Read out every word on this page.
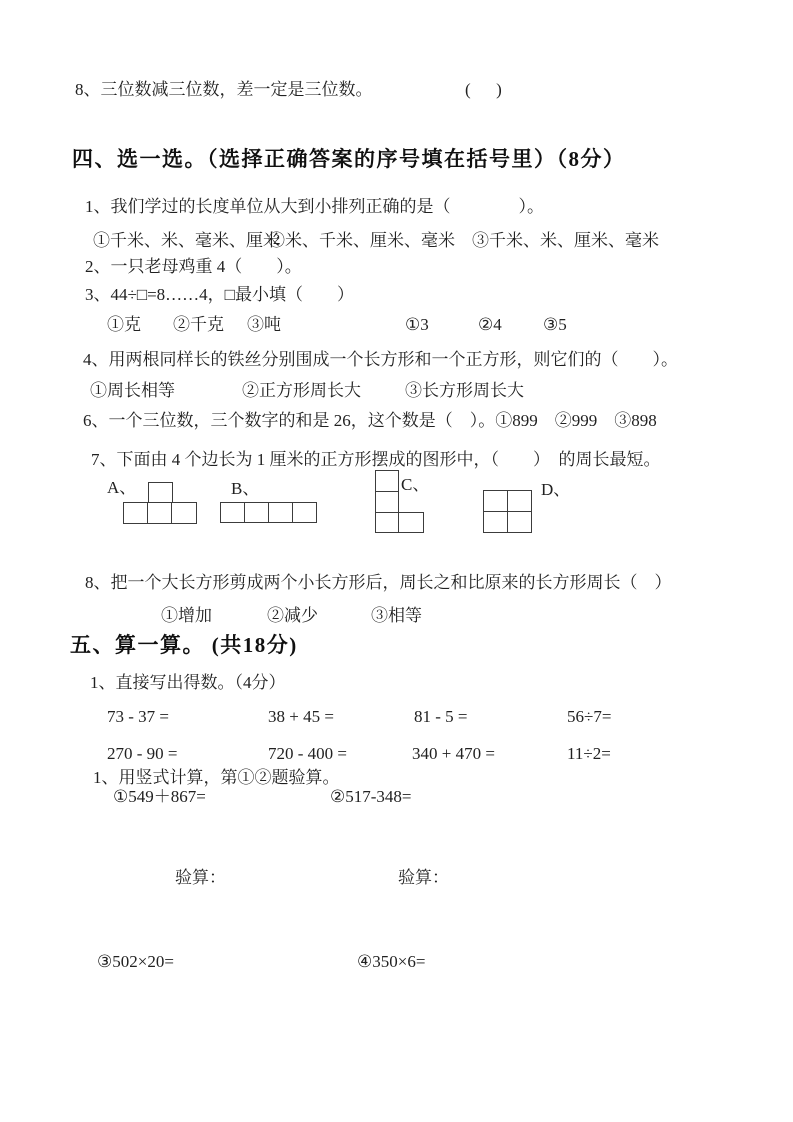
8、三位数减三位数，差一定是三位数。	(      )
四、选一选。（选择正确答案的序号填在括号里）（8分）
1、我们学过的长度单位从大到小排列正确的是（　　　　）。
①千米、米、毫米、厘米
②米、千米、厘米、毫米 ③千米、米、厘米、毫米
2、一只老母鸡重 4（　　）。
3、44÷□=8……4，□最小填（　　）
①克 ②千克 ③吨	①3	②4 ③5
4、用两根同样长的铁丝分别围成一个长方形和一个正方形，则它们的（　　）。
①周长相等	②正方形周长大	③长方形周长大
6、一个三位数，三个数字的和是 26，这个数是（　）。①899　②999　③898
7、下面由 4 个边长为 1 厘米的正方形摆成的图形中，（　　）　的周长最短。
A、	B、	C、	D、
8、把一个大长方形剪成两个小长方形后，周长之和比原来的长方形周长（　）
①增加	②减少	③相等
五、算一算。 (共18分)
1、直接写出得数。（4分）
73 - 37 =	38 + 45 =	81 - 5 =	56÷7=
270 - 90 =	720 - 400 =	340 + 470 =	11÷2=
1、用竖式计算，第①②题验算。
①549＋867=	②517-348=
验算：	验算：
③502×20=	④350×6=
